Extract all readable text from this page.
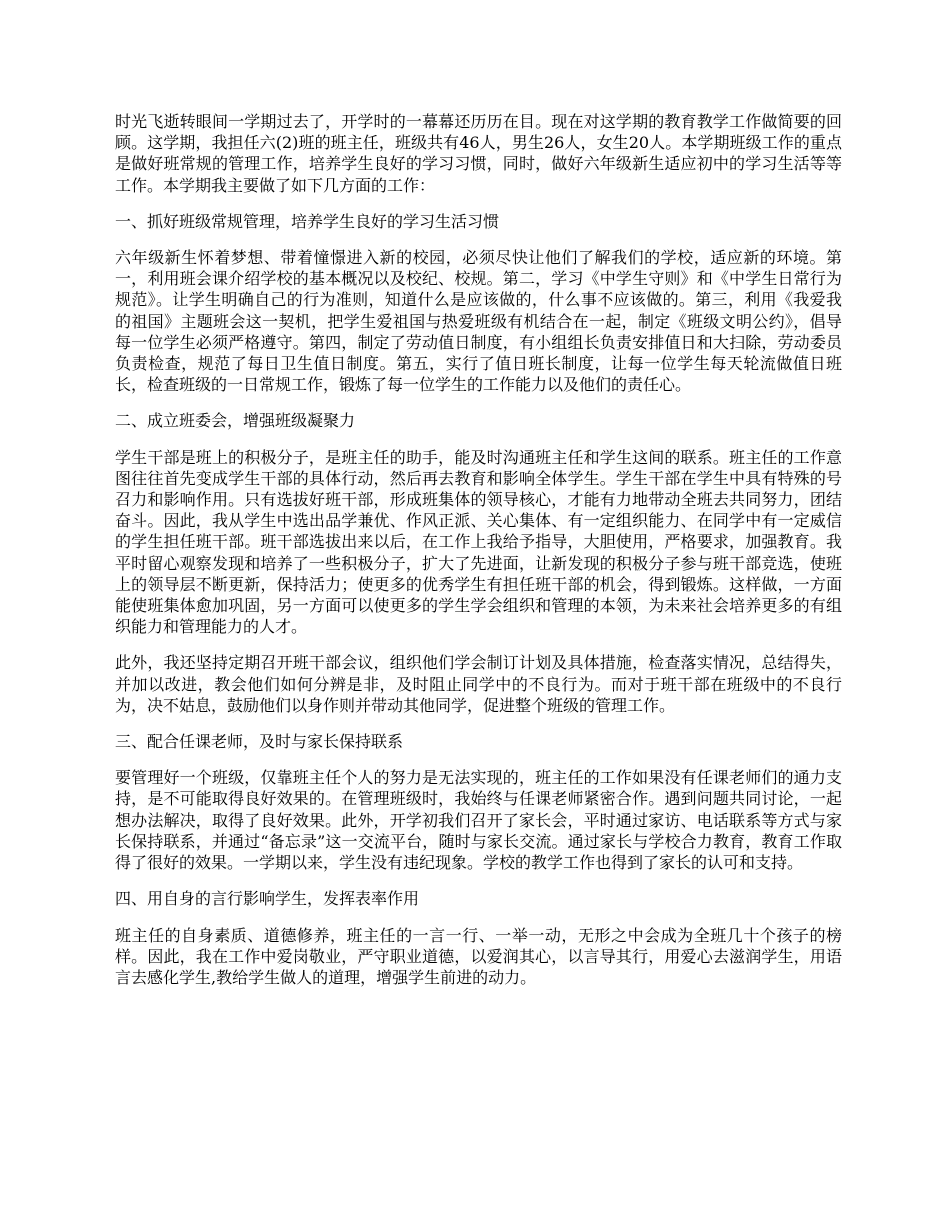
时光飞逝转眼间一学期过去了，开学时的一幕幕还历历在目。现在对这学期的教育教学工作做简要的回顾。这学期，我担任六(2)班的班主任，班级共有46人，男生26人，女生20人。本学期班级工作的重点是做好班常规的管理工作，培养学生良好的学习习惯，同时，做好六年级新生适应初中的学习生活等等工作。本学期我主要做了如下几方面的工作：

一、抓好班级常规管理，培养学生良好的学习生活习惯

六年级新生怀着梦想、带着憧憬进入新的校园，必须尽快让他们了解我们的学校，适应新的环境。第一，利用班会课介绍学校的基本概况以及校纪、校规。第二，学习《中学生守则》和《中学生日常行为规范》。让学生明确自己的行为准则，知道什么是应该做的，什么事不应该做的。第三，利用《我爱我的祖国》主题班会这一契机，把学生爱祖国与热爱班级有机结合在一起，制定《班级文明公约》，倡导每一位学生必须严格遵守。第四，制定了劳动值日制度，有小组组长负责安排值日和大扫除，劳动委员负责检查，规范了每日卫生值日制度。第五，实行了值日班长制度，让每一位学生每天轮流做值日班长，检查班级的一日常规工作，锻炼了每一位学生的工作能力以及他们的责任心。

二、成立班委会，增强班级凝聚力

学生干部是班上的积极分子，是班主任的助手，能及时沟通班主任和学生这间的联系。班主任的工作意图往往首先变成学生干部的具体行动，然后再去教育和影响全体学生。学生干部在学生中具有特殊的号召力和影响作用。只有选拔好班干部，形成班集体的领导核心，才能有力地带动全班去共同努力，团结奋斗。因此，我从学生中选出品学兼优、作风正派、关心集体、有一定组织能力、在同学中有一定威信的学生担任班干部。班干部选拔出来以后，在工作上我给予指导，大胆使用，严格要求，加强教育。我平时留心观察发现和培养了一些积极分子，扩大了先进面，让新发现的积极分子参与班干部竞选，使班上的领导层不断更新，保持活力；使更多的优秀学生有担任班干部的机会，得到锻炼。这样做，一方面能使班集体愈加巩固，另一方面可以使更多的学生学会组织和管理的本领，为未来社会培养更多的有组织能力和管理能力的人才。

此外，我还坚持定期召开班干部会议，组织他们学会制订计划及具体措施，检查落实情况，总结得失，并加以改进，教会他们如何分辨是非，及时阻止同学中的不良行为。而对于班干部在班级中的不良行为，决不姑息，鼓励他们以身作则并带动其他同学，促进整个班级的管理工作。

三、配合任课老师，及时与家长保持联系

要管理好一个班级，仅靠班主任个人的努力是无法实现的，班主任的工作如果没有任课老师们的通力支持，是不可能取得良好效果的。在管理班级时，我始终与任课老师紧密合作。遇到问题共同讨论，一起想办法解决，取得了良好效果。此外，开学初我们召开了家长会，平时通过家访、电话联系等方式与家长保持联系，并通过“备忘录”这一交流平台，随时与家长交流。通过家长与学校合力教育，教育工作取得了很好的效果。一学期以来，学生没有违纪现象。学校的教学工作也得到了家长的认可和支持。

四、用自身的言行影响学生，发挥表率作用

班主任的自身素质、道德修养，班主任的一言一行、一举一动，无形之中会成为全班几十个孩子的榜样。因此，我在工作中爱岗敬业，严守职业道德，以爱润其心，以言导其行，用爱心去滋润学生，用语言去感化学生,教给学生做人的道理，增强学生前进的动力。
